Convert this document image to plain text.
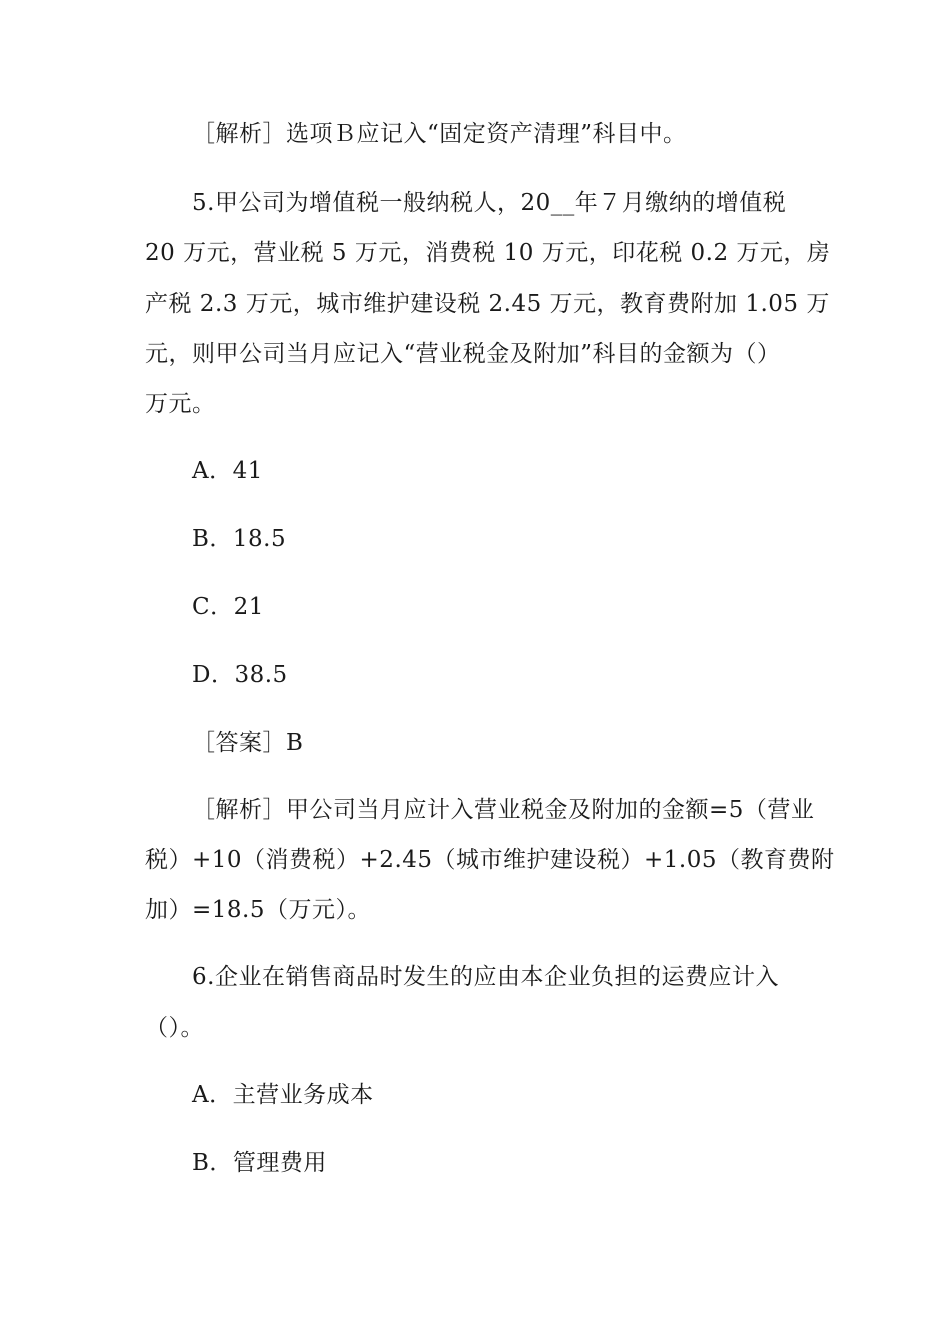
［解析］选项Ｂ应记入“固定资产清理”科目中。
5.甲公司为增值税一般纳税人，20__年７月缴纳的增值税
20 万元，营业税 5 万元，消费税 10 万元，印花税 0.2 万元，房
产税 2.3 万元，城市维护建设税 2.45 万元，教育费附加 1.05 万
元，则甲公司当月应记入“营业税金及附加”科目的金额为（）
万元。
A．41
B．18.5
C．21
D．38.5
［答案］B
［解析］甲公司当月应计入营业税金及附加的金额=5（营业
税）+10（消费税）+2.45（城市维护建设税）+1.05（教育费附
加）=18.5（万元）。
6.企业在销售商品时发生的应由本企业负担的运费应计入
（）。
A．主营业务成本
B．管理费用
